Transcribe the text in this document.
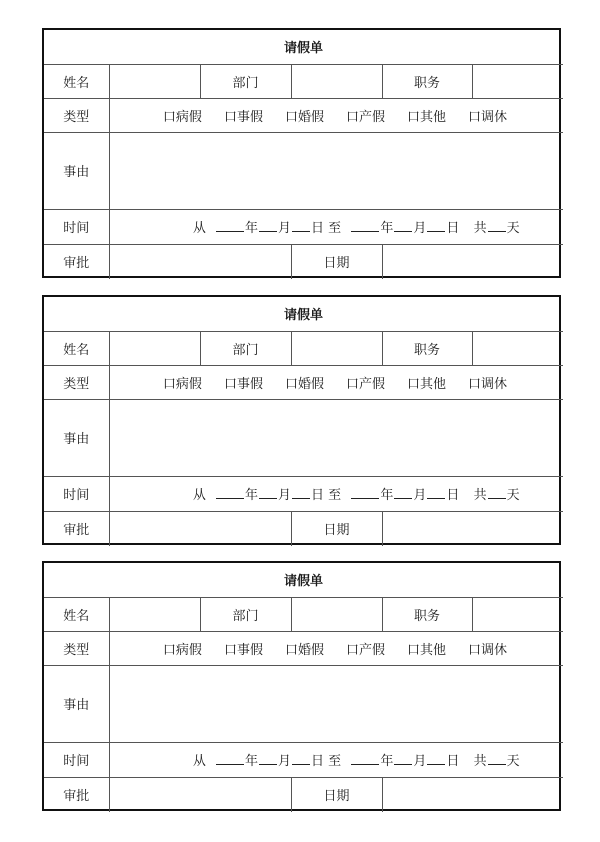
请假单					
姓名		部门		职务	
类型	口病假 口事假 口婚假 口产假 口其他 口调休

事由					
时间	从 年 月 日 至 年 月 日 共 天				
审批			日期		
请假单					
姓名		部门		职务	
类型	口病假 口事假 口婚假 口产假 口其他 口调休

事由					
时间	从 年 月 日 至 年 月 日 共 天				
审批			日期		
请假单					
姓名		部门		职务	
类型	口病假 口事假 口婚假 口产假 口其他 口调休

事由					
时间	从 年 月 日 至 年 月 日 共 天				
审批			日期		
